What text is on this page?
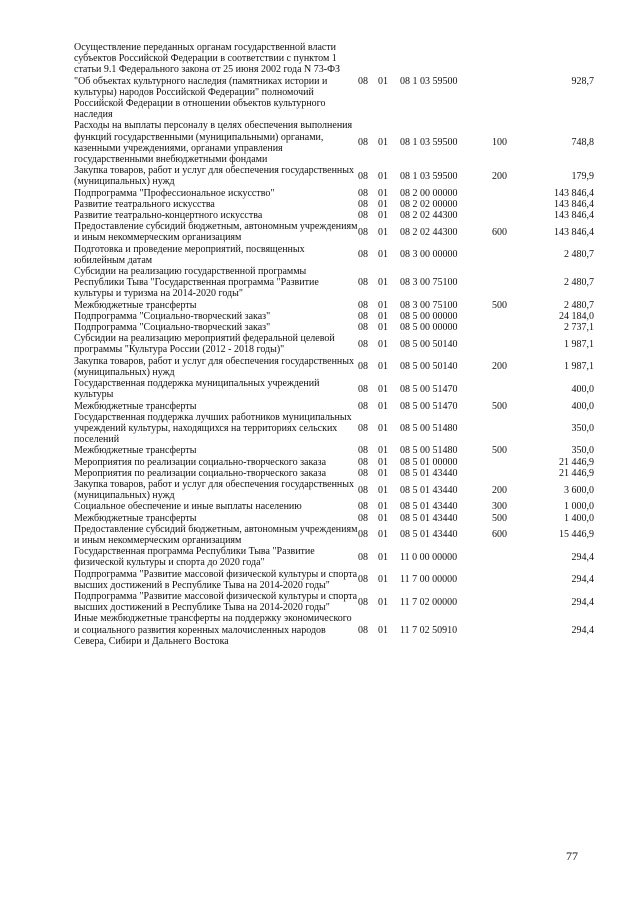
Осуществление переданных органам государственной власти субъектов Российской Федерации в соответствии с пунктом 1 статьи 9.1 Федерального закона от 25 июня 2002 года N 73-ФЗ "Об объектах культурного наследия (памятниках истории и культуры) народов Российской Федерации" полномочий Российской Федерации в отношении объектов культурного наследия	08	01	08 1 03 59500		928,7
Расходы на выплаты персоналу в целях обеспечения выполнения функций государственными (муниципальными) органами, казенными учреждениями, органами управления государственными внебюджетными фондами	08	01	08 1 03 59500	100	748,8
Закупка товаров, работ и услуг для обеспечения государственных (муниципальных) нужд	08	01	08 1 03 59500	200	179,9
Подпрограмма "Профессиональное искусство"	08	01	08 2 00 00000		143 846,4
Развитие театрального искусства	08	01	08 2 02 00000		143 846,4
Развитие театрально-концертного искусства	08	01	08 2 02 44300		143 846,4
Предоставление субсидий бюджетным, автономным учреждениям и иным некоммерческим организациям	08	01	08 2 02 44300	600	143 846,4
Подготовка и проведение мероприятий, посвященных юбилейным датам	08	01	08 3 00 00000		2 480,7
Субсидии на реализацию государственной программы Республики Тыва "Государственная программа "Развитие культуры и туризма на 2014-2020 годы"	08	01	08 3 00 75100		2 480,7
Межбюджетные трансферты	08	01	08 3 00 75100	500	2 480,7
Подпрограмма "Социально-творческий заказ"	08	01	08 5 00 00000		24 184,0
Подпрограмма "Социально-творческий заказ"	08	01	08 5 00 00000		2 737,1
Субсидии на реализацию мероприятий федеральной целевой программы "Культура России (2012 - 2018 годы)"	08	01	08 5 00 50140		1 987,1
Закупка товаров, работ и услуг для обеспечения государственных (муниципальных) нужд	08	01	08 5 00 50140	200	1 987,1
Государственная поддержка муниципальных учреждений культуры	08	01	08 5 00 51470		400,0
Межбюджетные трансферты	08	01	08 5 00 51470	500	400,0
Государственная поддержка лучших работников муниципальных учреждений культуры, находящихся на территориях сельских поселений	08	01	08 5 00 51480		350,0
Межбюджетные трансферты	08	01	08 5 00 51480	500	350,0
Мероприятия по реализации социально-творческого заказа	08	01	08 5 01 00000		21 446,9
Мероприятия по реализации социально-творческого заказа	08	01	08 5 01 43440		21 446,9
Закупка товаров, работ и услуг для обеспечения государственных (муниципальных) нужд	08	01	08 5 01 43440	200	3 600,0
Социальное обеспечение и иные выплаты населению	08	01	08 5 01 43440	300	1 000,0
Межбюджетные трансферты	08	01	08 5 01 43440	500	1 400,0
Предоставление субсидий бюджетным, автономным учреждениям и иным некоммерческим организациям	08	01	08 5 01 43440	600	15 446,9
Государственная программа Республики Тыва "Развитие физической культуры и спорта до 2020 года"	08	01	11 0 00 00000		294,4
Подпрограмма "Развитие массовой физической культуры и спорта высших достижений в Республике Тыва на 2014-2020 годы"	08	01	11 7 00 00000		294,4
Подпрограмма "Развитие массовой физической культуры и спорта высших достижений в Республике Тыва на 2014-2020 годы"	08	01	11 7 02 00000		294,4
Иные межбюджетные трансферты на поддержку экономического и социального развития коренных малочисленных народов Севера, Сибири и Дальнего Востока	08	01	11 7 02 50910		294,4
77
